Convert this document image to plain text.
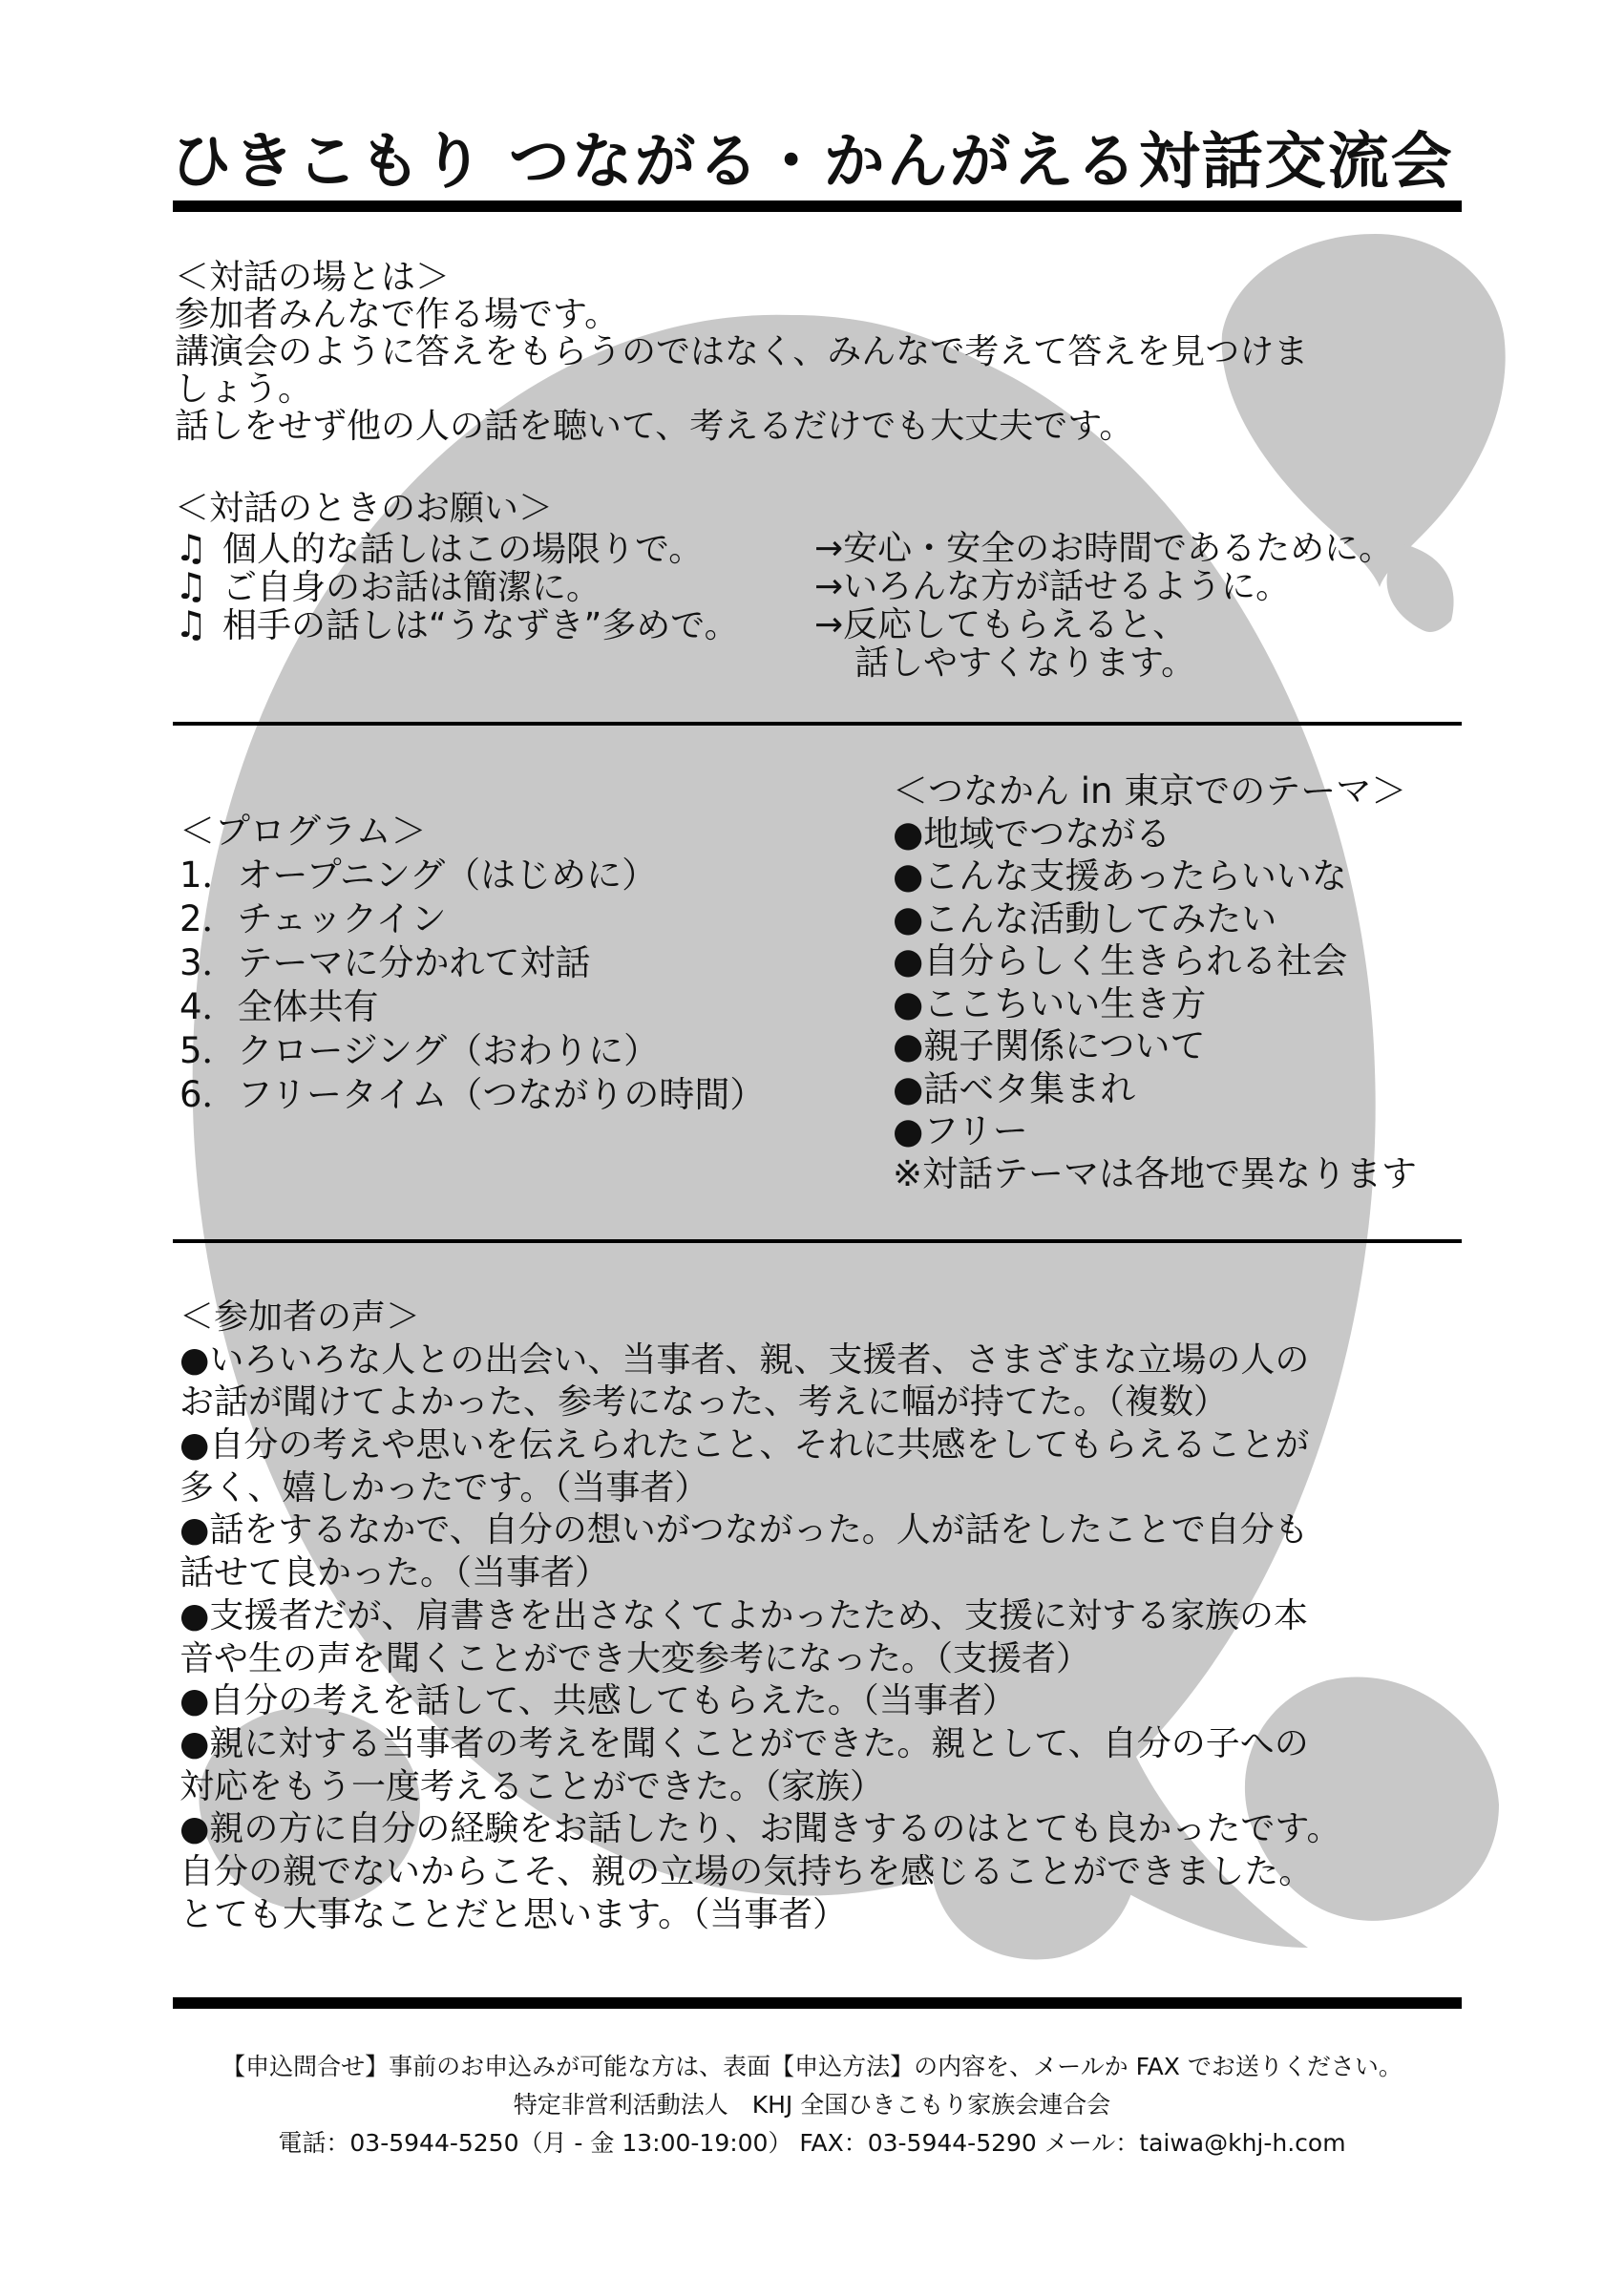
ひきこもり つながる・かんがえる対話交流会
＜対話の場とは＞
参加者みんなで作る場です。
講演会のように答えをもらうのではなく、みんなで考えて答えを見つけま
しょう。
話しをせず他の人の話を聴いて、考えるだけでも大丈夫です。
＜対話のときのお願い＞
♫ 個人的な話しはこの場限りで。
♫ ご自身のお話は簡潔に。
♫ 相手の話しは“うなずき”多めで。
→安心・安全のお時間であるために。
→いろんな方が話せるように。
→反応してもらえると、
話しやすくなります。
＜プログラム＞
1．オープニング（はじめに）
2．チェックイン
3．テーマに分かれて対話
4．全体共有
5．クロージング（おわりに）
6．フリータイム（つながりの時間）
＜つなかん in 東京でのテーマ＞
●地域でつながる
●こんな支援あったらいいな
●こんな活動してみたい
●自分らしく生きられる社会
●ここちいい生き方
●親子関係について
●話ベタ集まれ
●フリー
※対話テーマは各地で異なります
＜参加者の声＞
●いろいろな人との出会い、当事者、親、支援者、さまざまな立場の人の
お話が聞けてよかった、参考になった、考えに幅が持てた。（複数）
●自分の考えや思いを伝えられたこと、それに共感をしてもらえることが
多く、嬉しかったです。（当事者）
●話をするなかで、自分の想いがつながった。人が話をしたことで自分も
話せて良かった。（当事者）
●支援者だが、肩書きを出さなくてよかったため、支援に対する家族の本
音や生の声を聞くことができ大変参考になった。（支援者）
●自分の考えを話して、共感してもらえた。（当事者）
●親に対する当事者の考えを聞くことができた。親として、自分の子への
対応をもう一度考えることができた。（家族）
●親の方に自分の経験をお話したり、お聞きするのはとても良かったです。
自分の親でないからこそ、親の立場の気持ちを感じることができました。
とても大事なことだと思います。（当事者）
【申込問合せ】事前のお申込みが可能な方は、表面【申込方法】の内容を、メールか FAX でお送りください。
特定非営利活動法人　KHJ 全国ひきこもり家族会連合会
電話：03-5944-5250（月 - 金 13:00-19:00） FAX：03-5944-5290 メール：taiwa@khj-h.com
